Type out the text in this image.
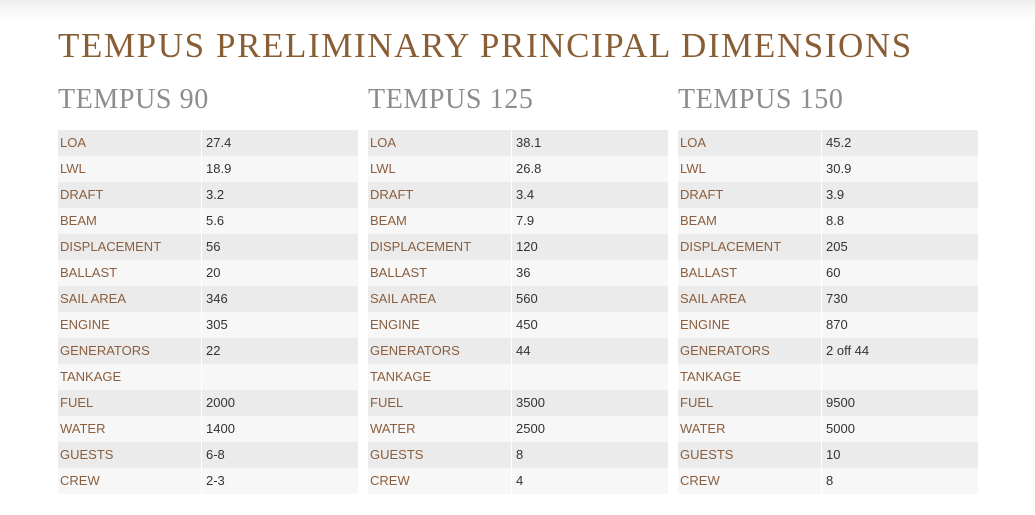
TEMPUS PRELIMINARY PRINCIPAL DIMENSIONS
TEMPUS 90
LOA	27.4
LWL	18.9
DRAFT	3.2
BEAM	5.6
DISPLACEMENT	56
BALLAST	20
SAIL AREA	346
ENGINE	305
GENERATORS	22
TANKAGE	
FUEL	2000
WATER	1400
GUESTS	6-8
CREW	2-3
TEMPUS 125
LOA	38.1
LWL	26.8
DRAFT	3.4
BEAM	7.9
DISPLACEMENT	120
BALLAST	36
SAIL AREA	560
ENGINE	450
GENERATORS	44
TANKAGE	
FUEL	3500
WATER	2500
GUESTS	8
CREW	4
TEMPUS 150
LOA	45.2
LWL	30.9
DRAFT	3.9
BEAM	8.8
DISPLACEMENT	205
BALLAST	60
SAIL AREA	730
ENGINE	870
GENERATORS	2 off 44
TANKAGE	
FUEL	9500
WATER	5000
GUESTS	10
CREW	8
